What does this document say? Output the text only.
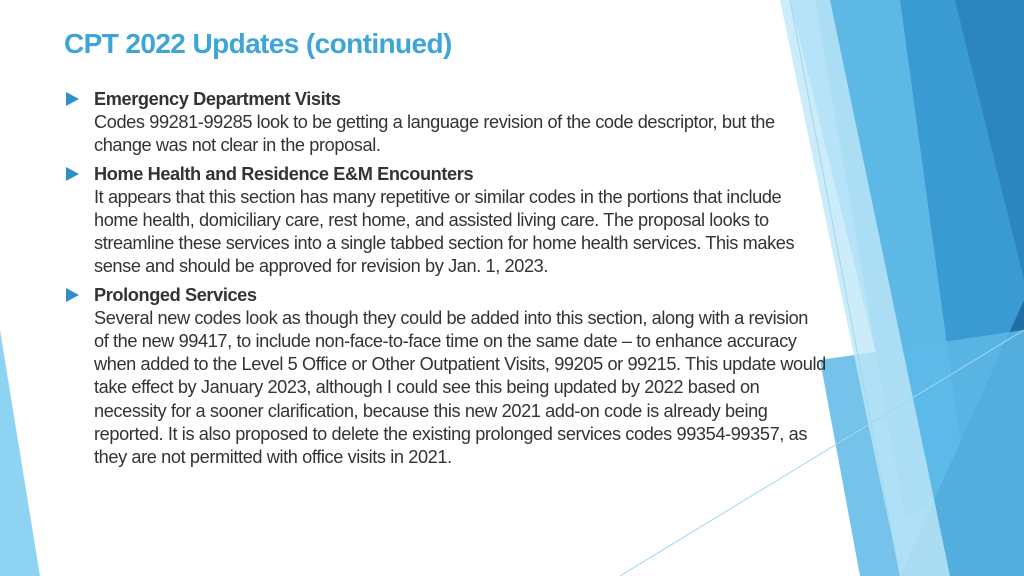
CPT 2022 Updates (continued)
Emergency Department Visits
Codes 99281-99285 look to be getting a language revision of the code descriptor, but the change was not clear in the proposal.
Home Health and Residence E&M Encounters
It appears that this section has many repetitive or similar codes in the portions that include home health, domiciliary care, rest home, and assisted living care. The proposal looks to streamline these services into a single tabbed section for home health services. This makes sense and should be approved for revision by Jan. 1, 2023.
Prolonged Services
Several new codes look as though they could be added into this section, along with a revision of the new 99417, to include non-face-to-face time on the same date – to enhance accuracy when added to the Level 5 Office or Other Outpatient Visits, 99205 or 99215. This update would take effect by January 2023, although I could see this being updated by 2022 based on necessity for a sooner clarification, because this new 2021 add-on code is already being reported. It is also proposed to delete the existing prolonged services codes 99354-99357, as they are not permitted with office visits in 2021.
